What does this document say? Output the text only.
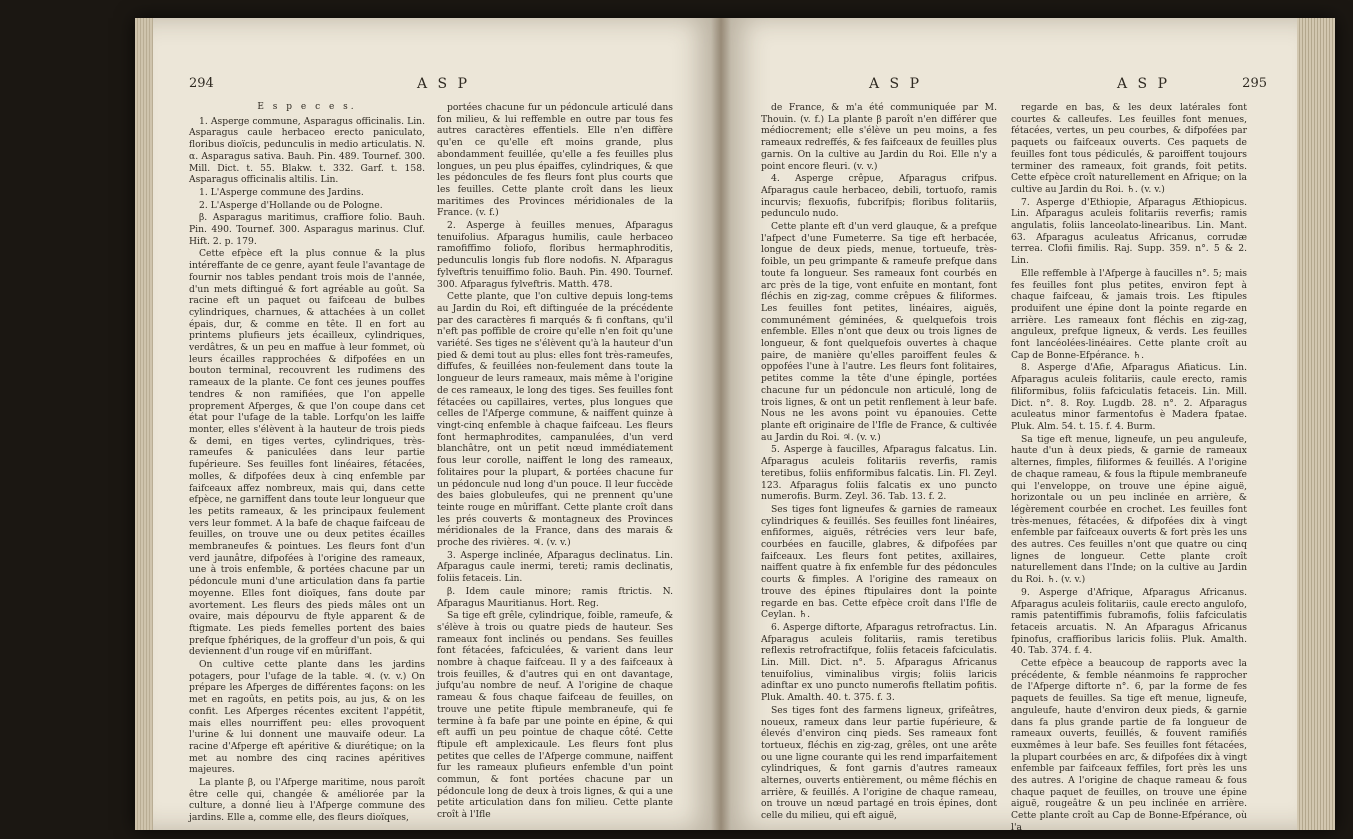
294	A S P

E s p e c e s.

1. Asperge commune, Asparagus officinalis. Lin. Asparagus caule herbaceo erecto paniculato, floribus dioïcis, pedunculis in medio articulatis. N. α. Asparagus sativa. Bauh. Pin. 489. Tournef. 300. Mill. Dict. t. 55. Blakw. t. 332. Garf. t. 158. Asparagus officinalis altilis. Lin.

1. L'Asperge commune des Jardins.

2. L'Asperge d'Hollande ou de Pologne.

β. Asparagus maritimus, craffiore folio. Bauh. Pin. 490. Tournef. 300. Asparagus marinus. Cluf. Hift. 2. p. 179.

Cette efpèce eft la plus connue & la plus intéreffante de ce genre, ayant feule l'avantage de fournir nos tables pendant trois mois de l'année, d'un mets diftingué & fort agréable au goût. Sa racine eft un paquet ou faifceau de bulbes cylindriques, charnues, & attachées à un collet épais, dur, & comme en tête. Il en fort au printems plufieurs jets écailleux, cylindriques, verdâtres, & un peu en maffue à leur fommet, où leurs écailles rapprochées & difpofées en un bouton terminal, recouvrent les rudimens des rameaux de la plante. Ce font ces jeunes pouffes tendres & non ramifiées, que l'on appelle proprement Afperges, & que l'on coupe dans cet état pour l'ufage de la table. Lorfqu'on les laiffe monter, elles s'élèvent à la hauteur de trois pieds & demi, en tiges vertes, cylindriques, très-rameufes & paniculées dans leur partie fupérieure. Ses feuilles font linéaires, fétacées, molles, & difpofées deux à cinq enfemble par faifceaux affez nombreux, mais qui, dans cette efpèce, ne garniffent dans toute leur longueur que les petits rameaux, & les principaux feulement vers leur fommet. A la bafe de chaque faifceau de feuilles, on trouve une ou deux petites écailles membraneufes & pointues. Les fleurs font d'un verd jaunâtre, difpofées à l'origine des rameaux, une à trois enfemble, & portées chacune par un pédoncule muni d'une articulation dans fa partie moyenne. Elles font dioïques, fans doute par avortement. Les fleurs des pieds mâles ont un ovaire, mais dépourvu de ftyle apparent & de ftigmate. Les pieds femelles portent des baies prefque fphériques, de la groffeur d'un pois, & qui deviennent d'un rouge vif en mûriffant.

On cultive cette plante dans les jardins potagers, pour l'ufage de la table. ♃. (v. v.) On prépare les Afperges de différentes façons: on les met en ragoûts, en petits pois, au jus, & on les confit. Les Afperges récentes excitent l'appétit, mais elles nourriffent peu: elles provoquent l'urine & lui donnent une mauvaife odeur. La racine d'Afperge eft apéritive & diurétique; on la met au nombre des cinq racines apéritives majeures.

La plante β, ou l'Afperge maritime, nous paroît être celle qui, changée & améliorée par la culture, a donné lieu à l'Afperge commune des jardins. Elle a, comme elle, des fleurs dioïques,

portées chacune fur un pédoncule articulé dans fon milieu, & lui reffemble en outre par tous fes autres caractères effentiels. Elle n'en diffère qu'en ce qu'elle eft moins grande, plus abondamment feuillée, qu'elle a fes feuilles plus longues, un peu plus épaiffes, cylindriques, & que les pédoncules de fes fleurs font plus courts que les feuilles. Cette plante croît dans les lieux maritimes des Provinces méridionales de la France. (v. f.)

2. Asperge à feuilles menues, Afparagus tenuifolius. Afparagus humilis, caule herbaceo ramofiffimo foliofo, floribus hermaphroditis, pedunculis longis fub flore nodofis. N. Afparagus fylveftris tenuiffimo folio. Bauh. Pin. 490. Tournef. 300. Afparagus fylveftris. Matth. 478.

Cette plante, que l'on cultive depuis long-tems au Jardin du Roi, eft diftinguée de la précédente par des caractères fi marqués & fi conftans, qu'il n'eft pas poffible de croire qu'elle n'en foit qu'une variété. Ses tiges ne s'élèvent qu'à la hauteur d'un pied & demi tout au plus: elles font très-rameufes, diffufes, & feuillées non-feulement dans toute la longueur de leurs rameaux, mais même à l'origine de ces rameaux, le long des tiges. Ses feuilles font fétacées ou capillaires, vertes, plus longues que celles de l'Afperge commune, & naiffent quinze à vingt-cinq enfemble à chaque faifceau. Les fleurs font hermaphrodites, campanulées, d'un verd blanchâtre, ont un petit nœud immédiatement fous leur corolle, naiffent le long des rameaux, folitaires pour la plupart, & portées chacune fur un pédoncule nud long d'un pouce. Il leur fuccède des baies globuleufes, qui ne prennent qu'une teinte rouge en mûriffant. Cette plante croît dans les prés couverts & montagneux des Provinces méridionales de la France, dans des marais & proche des rivières. ♃. (v. v.)

3. Asperge inclinée, Afparagus declinatus. Lin. Afparagus caule inermi, tereti; ramis declinatis, foliis fetaceis. Lin.

β. Idem caule minore; ramis ftrictis. N. Afparagus Mauritianus. Hort. Reg.

Sa tige eft grêle, cylindrique, foible, rameufe, & s'élève à trois ou quatre pieds de hauteur. Ses rameaux font inclinés ou pendans. Ses feuilles font fétacées, fafciculées, & varient dans leur nombre à chaque faifceau. Il y a des faifceaux à trois feuilles, & d'autres qui en ont davantage, jufqu'au nombre de neuf. A l'origine de chaque rameau & fous chaque faifceau de feuilles, on trouve une petite ftipule membraneufe, qui fe termine à fa bafe par une pointe en épine, & qui eft auffi un peu pointue de chaque côté. Cette ftipule eft amplexicaule. Les fleurs font plus petites que celles de l'Afperge commune, naiffent fur les rameaux plufieurs enfemble d'un point commun, & font portées chacune par un pédoncule long de deux à trois lignes, & qui a une petite articulation dans fon milieu. Cette plante croît à l'Ifle

A S P	A S P	295

de France, & m'a été communiquée par M. Thouin. (v. f.) La plante β paroît n'en différer que médiocrement; elle s'élève un peu moins, a fes rameaux redreffés, & fes faifceaux de feuilles plus garnis. On la cultive au Jardin du Roi. Elle n'y a point encore fleuri. (v. v.)

4. Asperge crêpue, Afparagus crifpus. Afparagus caule herbaceo, debili, tortuofo, ramis incurvis; flexuofis, fubcrifpis; floribus folitariis, pedunculo nudo.

Cette plante eft d'un verd glauque, & a prefque l'afpect d'une Fumeterre. Sa tige eft herbacée, longue de deux pieds, menue, tortueufe, très-foible, un peu grimpante & rameufe prefque dans toute fa longueur. Ses rameaux font courbés en arc près de la tige, vont enfuite en montant, font fléchis en zig-zag, comme crêpues & filiformes. Les feuilles font petites, linéaires, aiguës, communément géminées, & quelquefois trois enfemble. Elles n'ont que deux ou trois lignes de longueur, & font quelquefois ouvertes à chaque paire, de manière qu'elles paroiffent feules & oppofées l'une à l'autre. Les fleurs font folitaires, petites comme la tête d'une épingle, portées chacune fur un pédoncule non articulé, long de trois lignes, & ont un petit renflement à leur bafe. Nous ne les avons point vu épanouies. Cette plante eft originaire de l'Ifle de France, & cultivée au Jardin du Roi. ♃. (v. v.)

5. Asperge à faucilles, Afparagus falcatus. Lin. Afparagus aculeis folitariis reverfis, ramis teretibus, foliis enfiformibus falcatis. Lin. Fl. Zeyl. 123. Afparagus foliis falcatis ex uno puncto numerofis. Burm. Zeyl. 36. Tab. 13. f. 2.

Ses tiges font ligneufes & garnies de rameaux cylindriques & feuillés. Ses feuilles font linéaires, enfiformes, aiguës, rétrécies vers leur bafe, courbées en faucille, glabres, & difpofées par faifceaux. Les fleurs font petites, axillaires, naiffent quatre à fix enfemble fur des pédoncules courts & fimples. A l'origine des rameaux on trouve des épines ftipulaires dont la pointe regarde en bas. Cette efpèce croît dans l'Ifle de Ceylan. ♄.

6. Asperge diftorte, Afparagus retrofractus. Lin. Afparagus aculeis folitariis, ramis teretibus reflexis retrofractifque, foliis fetaceis fafciculatis. Lin. Mill. Dict. n°. 5. Afparagus Africanus tenuifolius, viminalibus virgis; foliis laricis adinftar ex uno puncto numerofis ftellatim pofitis. Pluk. Amalth. 40. t. 375. f. 3.

Ses tiges font des farmens ligneux, grifeâtres, noueux, rameux dans leur partie fupérieure, & élevés d'environ cinq pieds. Ses rameaux font tortueux, fléchis en zig-zag, grêles, ont une arête ou une ligne courante qui les rend imparfaitement cylindriques, & font garnis d'autres rameaux alternes, ouverts entièrement, ou même fléchis en arrière, & feuillés. A l'origine de chaque rameau, on trouve un nœud partagé en trois épines, dont celle du milieu, qui eft aiguë,

regarde en bas, & les deux latérales font courtes & calleufes. Les feuilles font menues, fétacées, vertes, un peu courbes, & difpofées par paquets ou faifceaux ouverts. Ces paquets de feuilles font tous pédiculés, & paroiffent toujours terminer des rameaux, foit grands, foit petits. Cette efpèce croît naturellement en Afrique; on la cultive au Jardin du Roi. ♄. (v. v.)

7. Asperge d'Ethiopie, Afparagus Æthiopicus. Lin. Afparagus aculeis folitariis reverfis; ramis angulatis, foliis lanceolato-linearibus. Lin. Mant. 63. Afparagus aculeatus Africanus, corrudæ terrea. Clofii fimilis. Raj. Supp. 359. n°. 5 & 2. Lin.

Elle reffemble à l'Afperge à faucilles n°. 5; mais fes feuilles font plus petites, environ fept à chaque faifceau, & jamais trois. Les ftipules produifent une épine dont la pointe regarde en arrière. Les rameaux font fléchis en zig-zag, anguleux, prefque ligneux, & verds. Les feuilles font lancéolées-linéaires. Cette plante croît au Cap de Bonne-Efpérance. ♄.

8. Asperge d'Afie, Afparagus Afiaticus. Lin. Afparagus aculeis folitariis, caule erecto, ramis filiformibus, foliis fafciculatis fetaceis. Lin. Mill. Dict. n°. 8. Roy. Lugdb. 28. n°. 2. Afparagus aculeatus minor farmentofus è Madera fpatae. Pluk. Alm. 54. t. 15. f. 4. Burm.

Sa tige eft menue, ligneufe, un peu anguleufe, haute d'un à deux pieds, & garnie de rameaux alternes, fimples, filiformes & feuillés. A l'origine de chaque rameau, & fous la ftipule membraneufe qui l'enveloppe, on trouve une épine aiguë, horizontale ou un peu inclinée en arrière, & légèrement courbée en crochet. Les feuilles font très-menues, fétacées, & difpofées dix à vingt enfemble par faifceaux ouverts & fort près les uns des autres. Ces feuilles n'ont que quatre ou cinq lignes de longueur. Cette plante croît naturellement dans l'Inde; on la cultive au Jardin du Roi. ♄. (v. v.)

9. Asperge d'Afrique, Afparagus Africanus. Afparagus aculeis folitariis, caule erecto angulofo, ramis patentiffimis fubramofis, foliis fafciculatis fetaceis arcuatis. N. An Afparagus Africanus fpinofus, craffioribus laricis foliis. Pluk. Amalth. 40. Tab. 374. f. 4.

Cette efpèce a beaucoup de rapports avec la précédente, & femble néanmoins fe rapprocher de l'Afperge diftorte n°. 6, par la forme de fes paquets de feuilles. Sa tige eft menue, ligneufe, anguleufe, haute d'environ deux pieds, & garnie dans fa plus grande partie de fa longueur de rameaux ouverts, feuillés, & fouvent ramifiés euxmêmes à leur bafe. Ses feuilles font fétacées, la plupart courbées en arc, & difpofées dix à vingt enfemble par faifceaux feffiles, fort près les uns des autres. A l'origine de chaque rameau & fous chaque paquet de feuilles, on trouve une épine aiguë, rougeâtre & un peu inclinée en arrière. Cette plante croît au Cap de Bonne-Efpérance, où l'a
